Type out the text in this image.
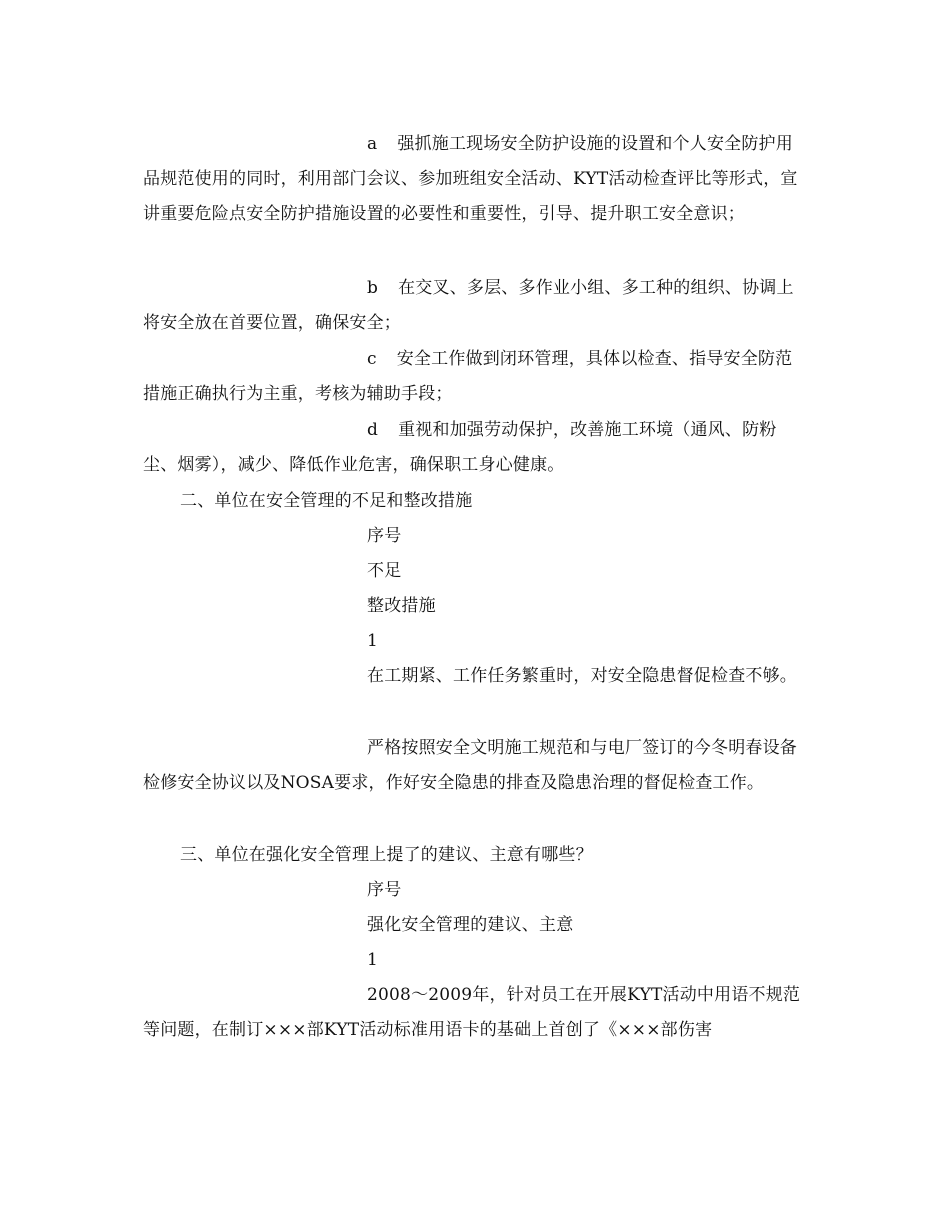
a 强抓施工现场安全防护设施的设置和个人安全防护用品规范使用的同时，利用部门会议、参加班组安全活动、KYT活动检查评比等形式，宣讲重要危险点安全防护措施设置的必要性和重要性，引导、提升职工安全意识；
b 在交叉、多层、多作业小组、多工种的组织、协调上将安全放在首要位置，确保安全；
c 安全工作做到闭环管理，具体以检查、指导安全防范措施正确执行为主重，考核为辅助手段；
d 重视和加强劳动保护，改善施工环境（通风、防粉尘、烟雾），减少、降低作业危害，确保职工身心健康。
二、单位在安全管理的不足和整改措施
序号
不足
整改措施
1
在工期紧、工作任务繁重时，对安全隐患督促检查不够。
严格按照安全文明施工规范和与电厂签订的今冬明春设备检修安全协议以及NOSA要求，作好安全隐患的排查及隐患治理的督促检查工作。
三、单位在强化安全管理上提了的建议、主意有哪些？
序号
强化安全管理的建议、主意
1
2008～2009年，针对员工在开展KYT活动中用语不规范等问题，在制订×××部KYT活动标准用语卡的基础上首创了《×××部伤害
